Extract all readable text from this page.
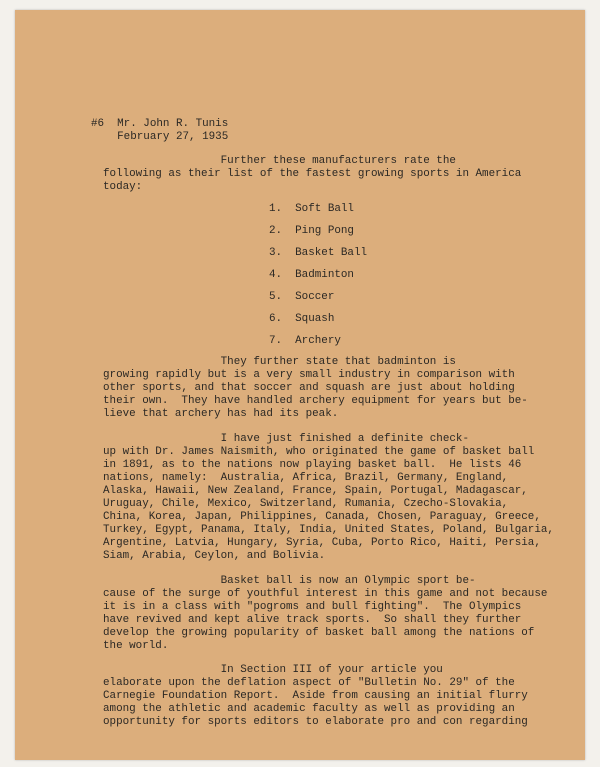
#6  Mr. John R. Tunis
February 27, 1935
Further these manufacturers rate the
following as their list of the fastest growing sports in America
today:
1.  Soft Ball
2.  Ping Pong
3.  Basket Ball
4.  Badminton
5.  Soccer
6.  Squash
7.  Archery
They further state that badminton is
growing rapidly but is a very small industry in comparison with
other sports, and that soccer and squash are just about holding
their own.  They have handled archery equipment for years but be-
lieve that archery has had its peak.
I have just finished a definite check-
up with Dr. James Naismith, who originated the game of basket ball
in 1891, as to the nations now playing basket ball.  He lists 46
nations, namely:  Australia, Africa, Brazil, Germany, England,
Alaska, Hawaii, New Zealand, France, Spain, Portugal, Madagascar,
Uruguay, Chile, Mexico, Switzerland, Rumania, Czecho-Slovakia,
China, Korea, Japan, Philippines, Canada, Chosen, Paraguay, Greece,
Turkey, Egypt, Panama, Italy, India, United States, Poland, Bulgaria,
Argentine, Latvia, Hungary, Syria, Cuba, Porto Rico, Haiti, Persia,
Siam, Arabia, Ceylon, and Bolivia.
Basket ball is now an Olympic sport be-
cause of the surge of youthful interest in this game and not because
it is in a class with "pogroms and bull fighting".  The Olympics
have revived and kept alive track sports.  So shall they further
develop the growing popularity of basket ball among the nations of
the world.
In Section III of your article you
elaborate upon the deflation aspect of "Bulletin No. 29" of the
Carnegie Foundation Report.  Aside from causing an initial flurry
among the athletic and academic faculty as well as providing an
opportunity for sports editors to elaborate pro and con regarding
